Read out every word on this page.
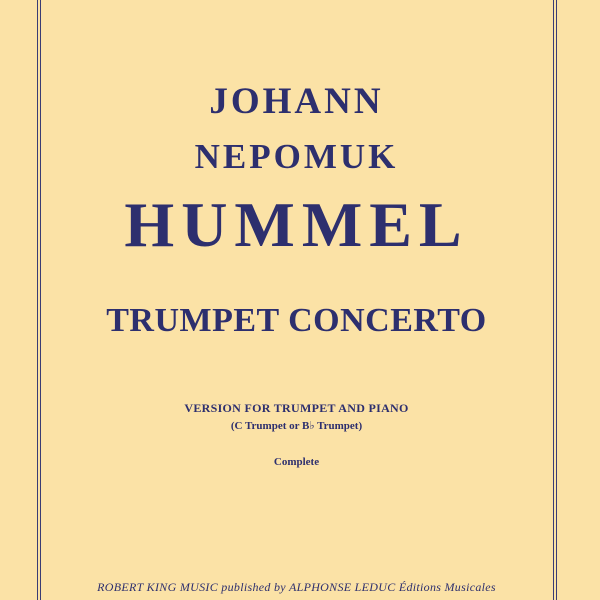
JOHANN
NEPOMUK
HUMMEL
TRUMPET CONCERTO
VERSION FOR TRUMPET AND PIANO
(C Trumpet or B♭ Trumpet)
Complete
ROBERT KING MUSIC published by ALPHONSE LEDUC Éditions Musicales
